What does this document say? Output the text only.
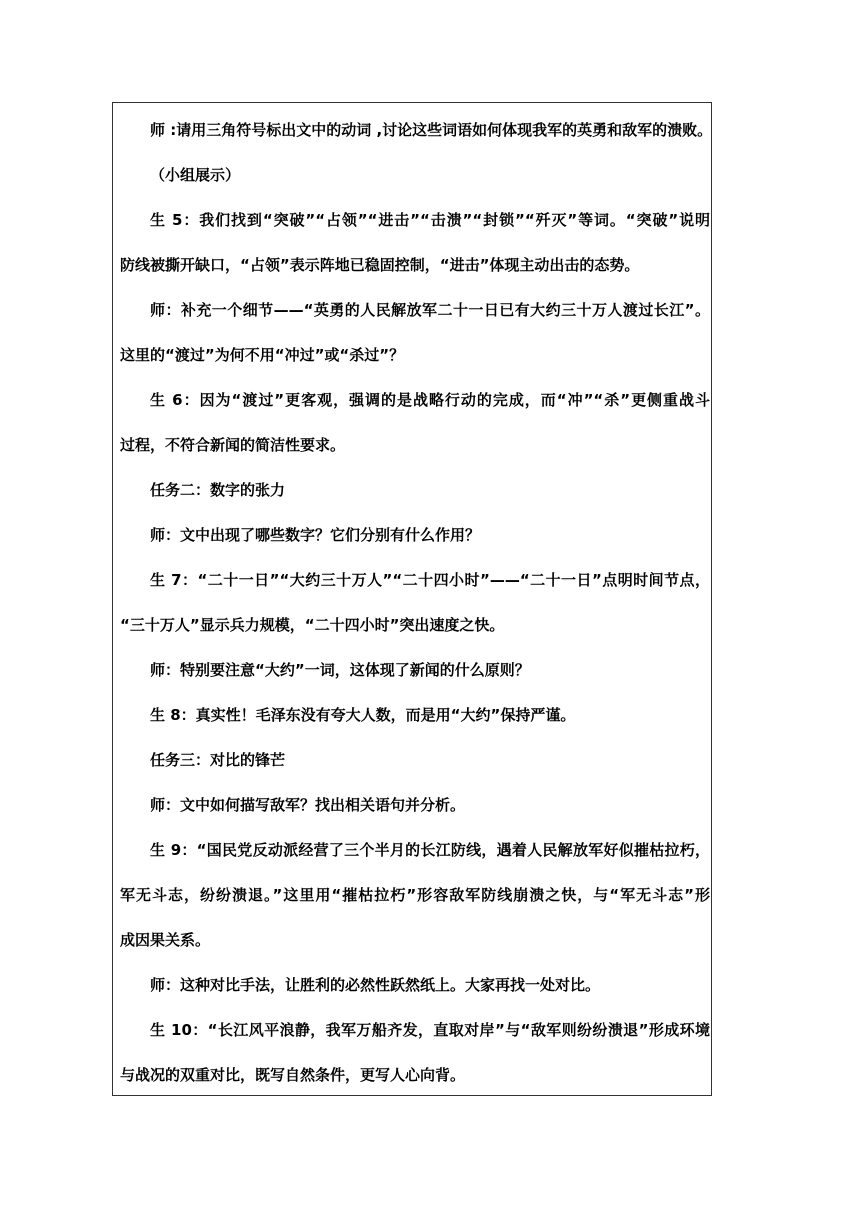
师 :请用三角符号标出文中的动词 ,讨论这些词语如何体现我军的英勇和敌军的溃败。
（小组展示）
生 5：我们找到“突破”“占领”“进击”“击溃”“封锁”“歼灭”等词。“突破”说明
防线被撕开缺口，“占领”表示阵地已稳固控制，“进击”体现主动出击的态势。
师：补充一个细节——“英勇的人民解放军二十一日已有大约三十万人渡过长江”。
这里的“渡过”为何不用“冲过”或“杀过”？
生 6：因为“渡过”更客观，强调的是战略行动的完成，而“冲”“杀”更侧重战斗
过程，不符合新闻的简洁性要求。
任务二：数字的张力
师：文中出现了哪些数字？它们分别有什么作用？
生 7：“二十一日”“大约三十万人”“二十四小时”——“二十一日”点明时间节点，
“三十万人”显示兵力规模，“二十四小时”突出速度之快。
师：特别要注意“大约”一词，这体现了新闻的什么原则？
生 8：真实性！毛泽东没有夸大人数，而是用“大约”保持严谨。
任务三：对比的锋芒
师：文中如何描写敌军？找出相关语句并分析。
生 9：“国民党反动派经营了三个半月的长江防线，遇着人民解放军好似摧枯拉朽，
军无斗志，纷纷溃退。”这里用“摧枯拉朽”形容敌军防线崩溃之快，与“军无斗志”形
成因果关系。
师：这种对比手法，让胜利的必然性跃然纸上。大家再找一处对比。
生 10：“长江风平浪静，我军万船齐发，直取对岸”与“敌军则纷纷溃退”形成环境
与战况的双重对比，既写自然条件，更写人心向背。
